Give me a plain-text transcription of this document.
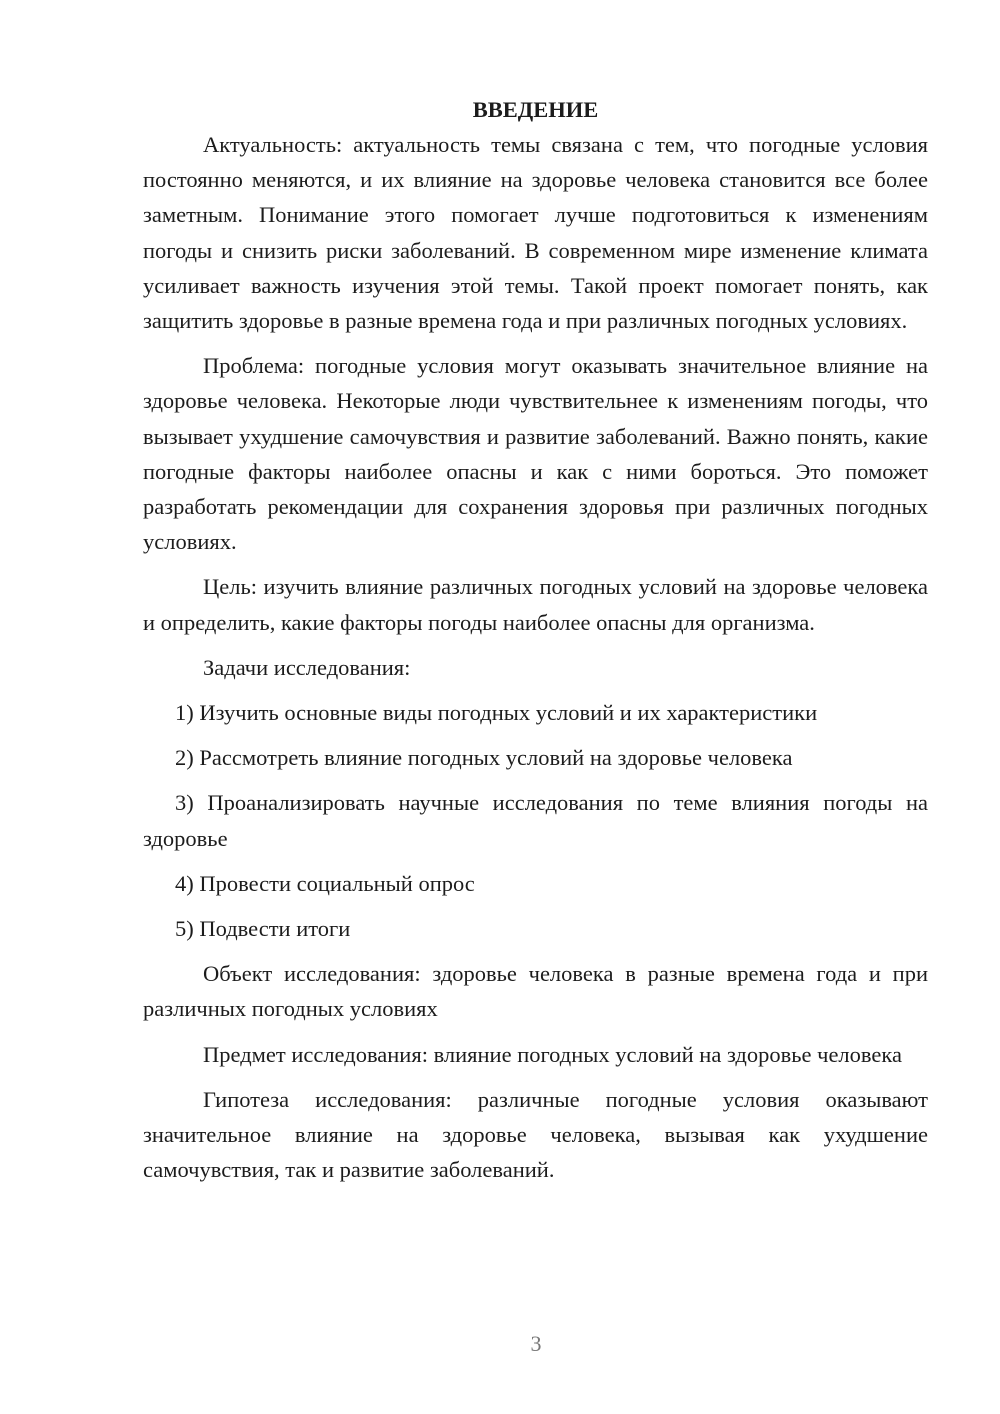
ВВЕДЕНИЕ

Актуальность: актуальность темы связана с тем, что погодные условия постоянно меняются, и их влияние на здоровье человека становится все более заметным. Понимание этого помогает лучше подготовиться к изменениям погоды и снизить риски заболеваний. В современном мире изменение климата усиливает важность изучения этой темы. Такой проект помогает понять, как защитить здоровье в разные времена года и при различных погодных условиях.

Проблема: погодные условия могут оказывать значительное влияние на здоровье человека. Некоторые люди чувствительнее к изменениям погоды, что вызывает ухудшение самочувствия и развитие заболеваний. Важно понять, какие погодные факторы наиболее опасны и как с ними бороться. Это поможет разработать рекомендации для сохранения здоровья при различных погодных условиях.

Цель: изучить влияние различных погодных условий на здоровье человека и определить, какие факторы погоды наиболее опасны для организма.

Задачи исследования:

1) Изучить основные виды погодных условий и их характеристики

2) Рассмотреть влияние погодных условий на здоровье человека

3) Проанализировать научные исследования по теме влияния погоды на здоровье

4) Провести социальный опрос

5) Подвести итоги

Объект исследования: здоровье человека в разные времена года и при различных погодных условиях

Предмет исследования: влияние погодных условий на здоровье человека

Гипотеза исследования: различные погодные условия оказывают значительное влияние на здоровье человека, вызывая как ухудшение самочувствия, так и развитие заболеваний.

3
